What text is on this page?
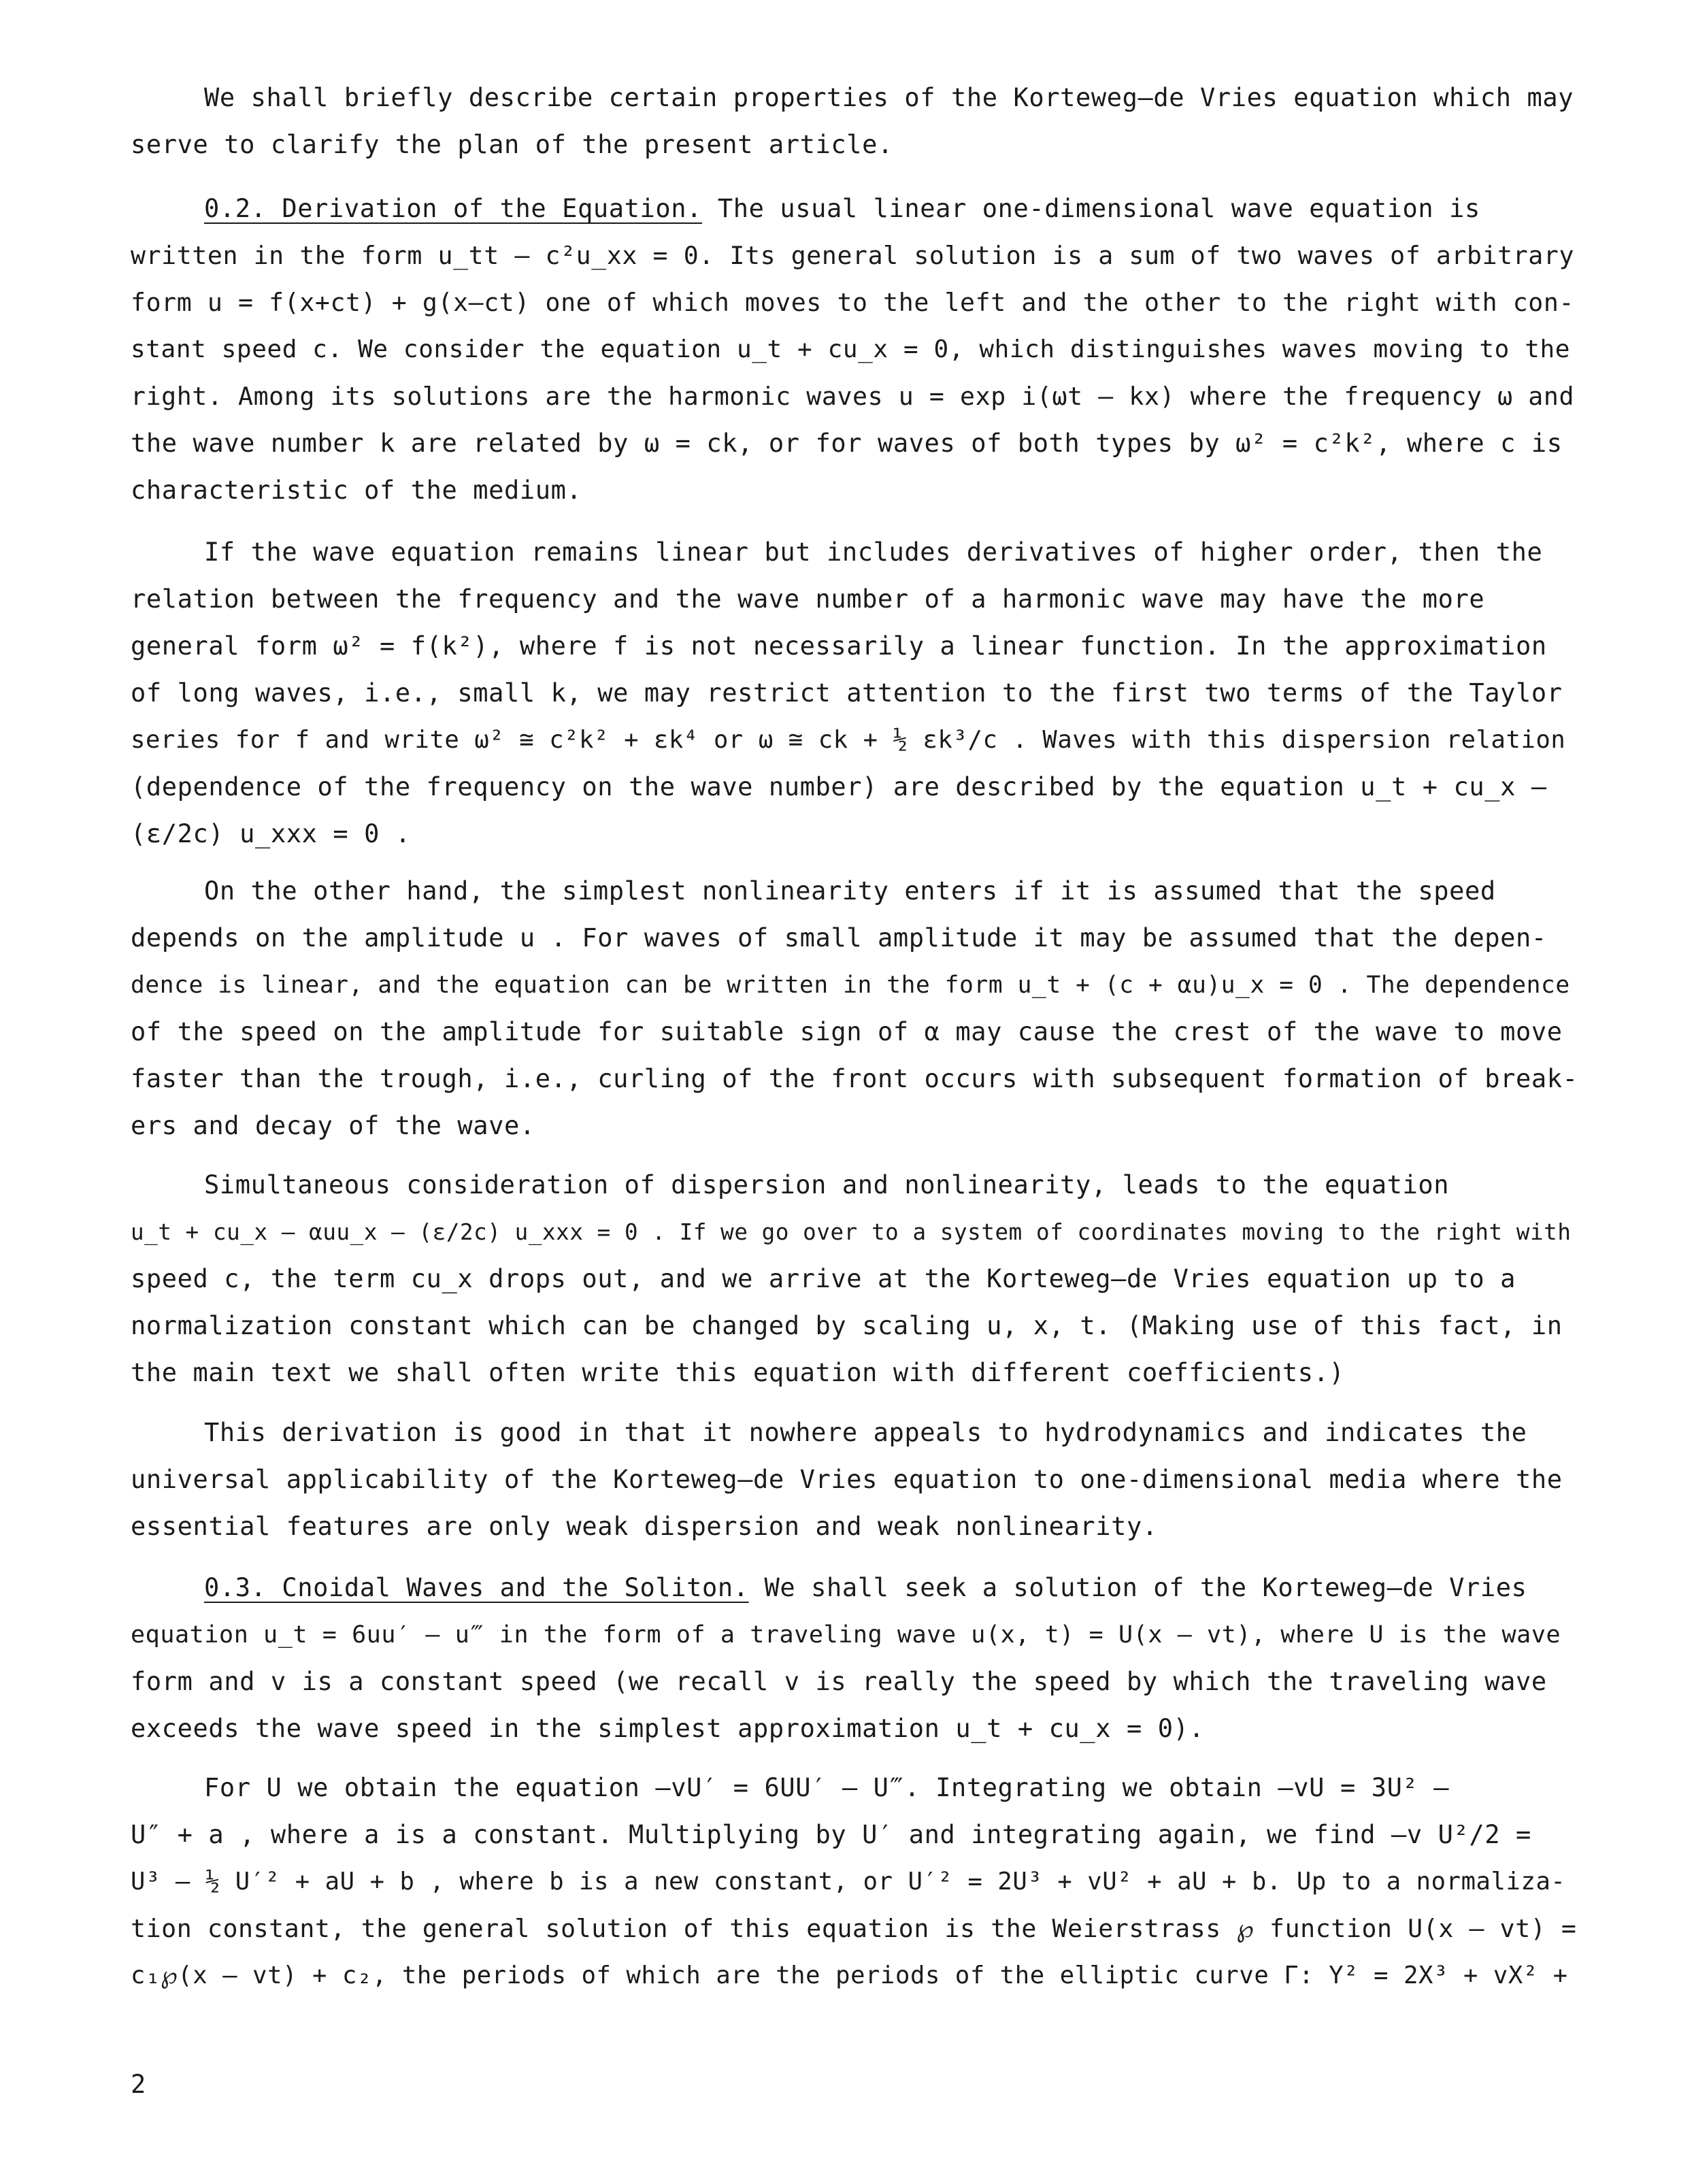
We shall briefly describe certain properties of the Korteweg–de Vries equation which may
serve to clarify the plan of the present article.
0.2. Derivation of the Equation. The usual linear one-dimensional wave equation is
written in the form u_tt – c²u_xx = 0. Its general solution is a sum of two waves of arbitrary
form u = f(x+ct) + g(x–ct) one of which moves to the left and the other to the right with con-
stant speed c. We consider the equation u_t + cu_x = 0, which distinguishes waves moving to the
right. Among its solutions are the harmonic waves u = exp i(ωt – kx) where the frequency ω and
the wave number k are related by ω = ck, or for waves of both types by ω² = c²k², where c is
characteristic of the medium.
If the wave equation remains linear but includes derivatives of higher order, then the
relation between the frequency and the wave number of a harmonic wave may have the more
general form ω² = f(k²), where f is not necessarily a linear function. In the approximation
of long waves, i.e., small k, we may restrict attention to the first two terms of the Taylor
series for f and write ω² ≅ c²k² + εk⁴ or ω ≅ ck + ½ εk³/c . Waves with this dispersion relation
(dependence of the frequency on the wave number) are described by the equation u_t + cu_x –
(ε/2c) u_xxx = 0 .
On the other hand, the simplest nonlinearity enters if it is assumed that the speed
depends on the amplitude u . For waves of small amplitude it may be assumed that the depen-
dence is linear, and the equation can be written in the form u_t + (c + αu)u_x = 0 . The dependence
of the speed on the amplitude for suitable sign of α may cause the crest of the wave to move
faster than the trough, i.e., curling of the front occurs with subsequent formation of break-
ers and decay of the wave.
Simultaneous consideration of dispersion and nonlinearity, leads to the equation
u_t + cu_x – αuu_x – (ε/2c) u_xxx = 0 . If we go over to a system of coordinates moving to the right with
speed c, the term cu_x drops out, and we arrive at the Korteweg–de Vries equation up to a
normalization constant which can be changed by scaling u, x, t. (Making use of this fact, in
the main text we shall often write this equation with different coefficients.)
This derivation is good in that it nowhere appeals to hydrodynamics and indicates the
universal applicability of the Korteweg–de Vries equation to one-dimensional media where the
essential features are only weak dispersion and weak nonlinearity.
0.3. Cnoidal Waves and the Soliton. We shall seek a solution of the Korteweg–de Vries
equation u_t = 6uu′ – u‴ in the form of a traveling wave u(x, t) = U(x – vt), where U is the wave
form and v is a constant speed (we recall v is really the speed by which the traveling wave
exceeds the wave speed in the simplest approximation u_t + cu_x = 0).
For U we obtain the equation –vU′ = 6UU′ – U‴. Integrating we obtain –vU = 3U² –
U″ + a , where a is a constant. Multiplying by U′ and integrating again, we find –v U²/2 =
U³ – ½ U′² + aU + b , where b is a new constant, or U′² = 2U³ + vU² + aU + b. Up to a normaliza-
tion constant, the general solution of this equation is the Weierstrass ℘ function U(x – vt) =
c₁℘(x – vt) + c₂, the periods of which are the periods of the elliptic curve Γ: Y² = 2X³ + vX² +
2
